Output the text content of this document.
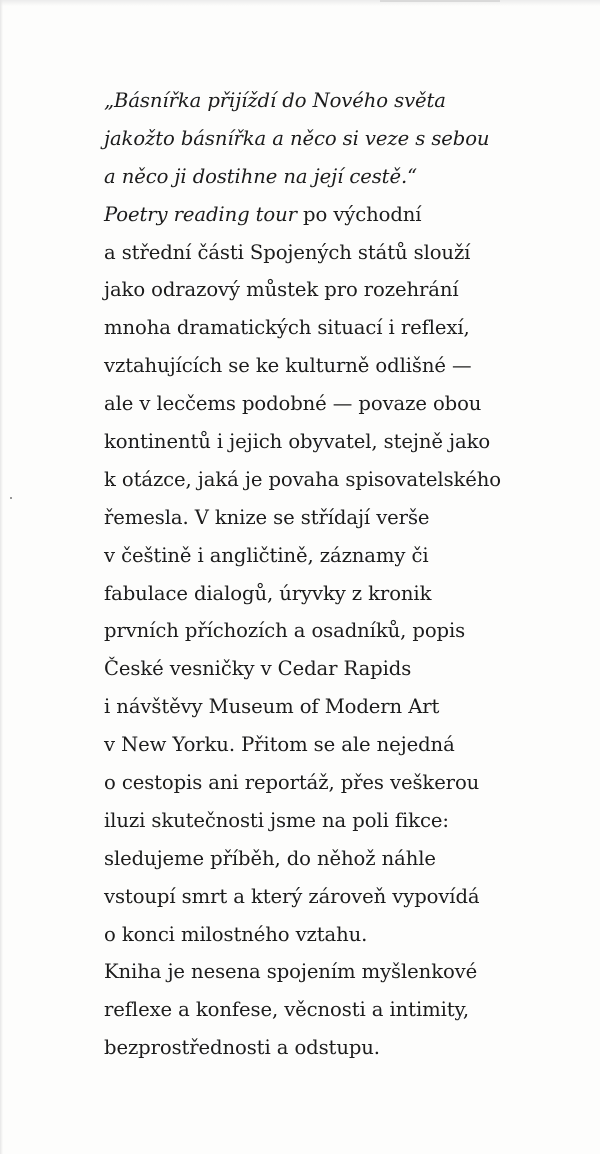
„Básnířka přijíždí do Nového světa
jakožto básnířka a něco si veze s sebou
a něco ji dostihne na její cestě.“
Poetry reading tour po východní
a střední části Spojených států slouží
jako odrazový můstek pro rozehrání
mnoha dramatických situací i reflexí,
vztahujících se ke kulturně odlišné —
ale v lecčems podobné — povaze obou
kontinentů i jejich obyvatel, stejně jako
k otázce, jaká je povaha spisovatelského
řemesla. V knize se střídají verše
v češtině i angličtině, záznamy či
fabulace dialogů, úryvky z kronik
prvních příchozích a osadníků, popis
České vesničky v Cedar Rapids
i návštěvy Museum of Modern Art
v New Yorku. Přitom se ale nejedná
o cestopis ani reportáž, přes veškerou
iluzi skutečnosti jsme na poli fikce:
sledujeme příběh, do něhož náhle
vstoupí smrt a který zároveň vypovídá
o konci milostného vztahu.
Kniha je nesena spojením myšlenkové
reflexe a konfese, věcnosti a intimity,
bezprostřednosti a odstupu.
